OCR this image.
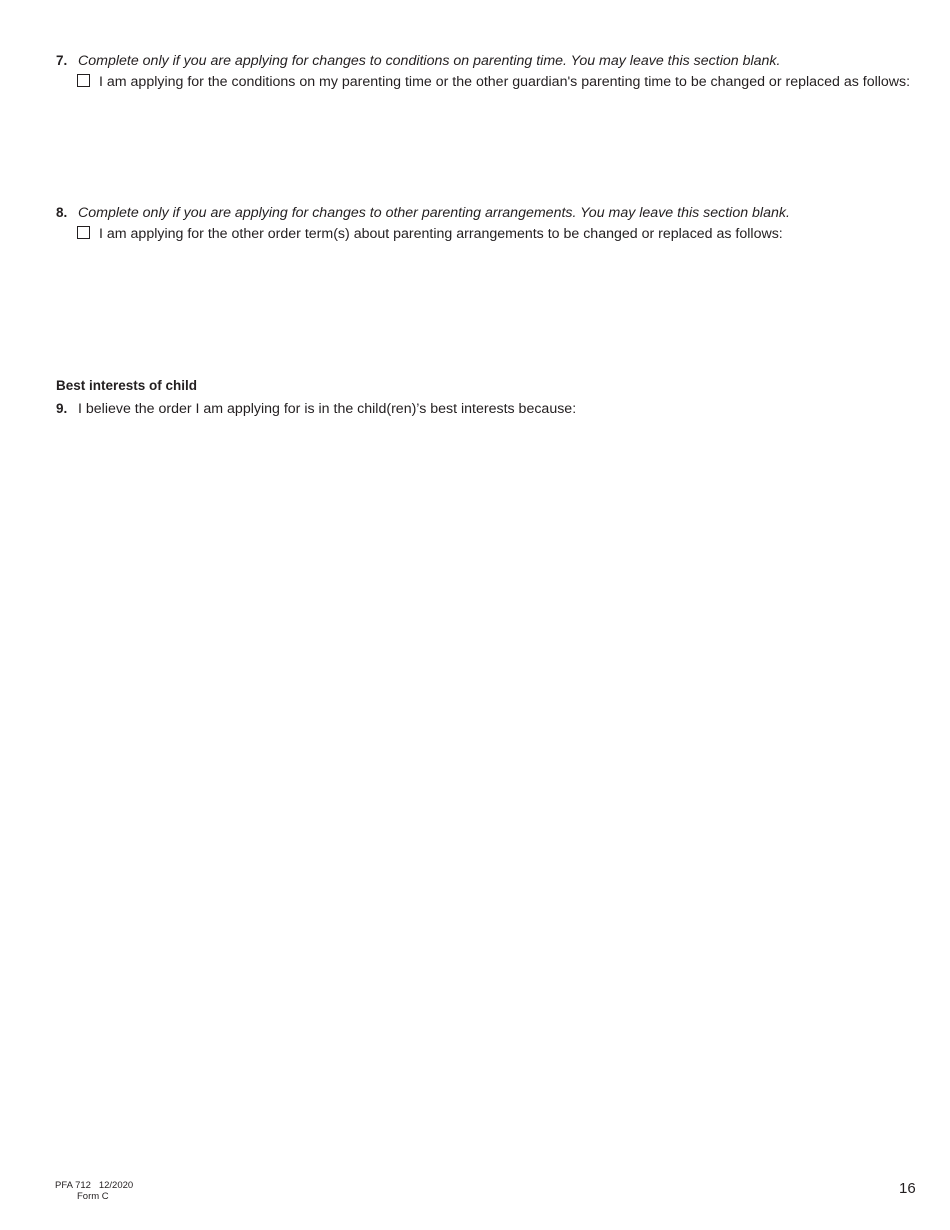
7. Complete only if you are applying for changes to conditions on parenting time. You may leave this section blank.
I am applying for the conditions on my parenting time or the other guardian's parenting time to be changed or replaced as follows:
8. Complete only if you are applying for changes to other parenting arrangements. You may leave this section blank.
I am applying for the other order term(s) about parenting arrangements to be changed or replaced as follows:
Best interests of child
9. I believe the order I am applying for is in the child(ren)’s best interests because:
PFA 712   12/2020
Form C	16
